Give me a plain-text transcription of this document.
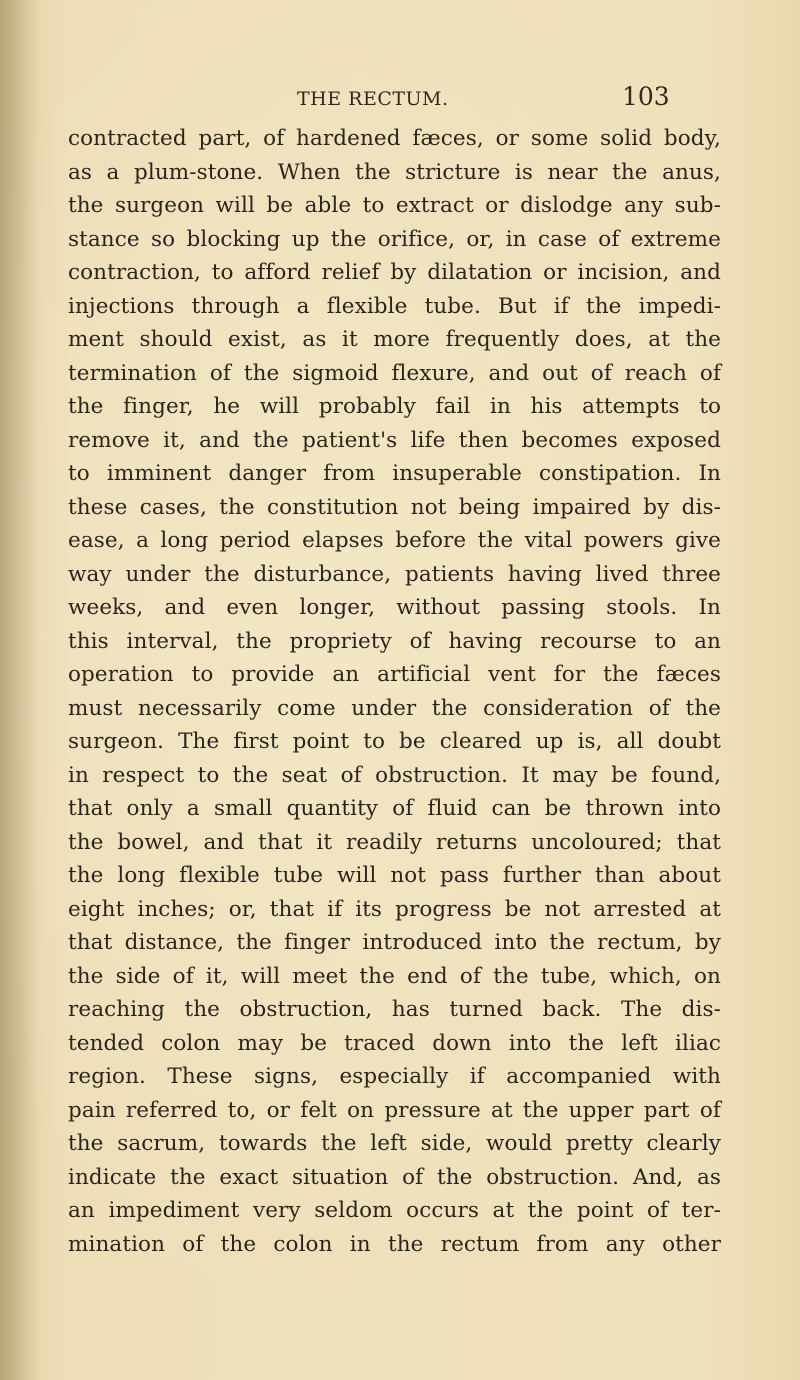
THE RECTUM.	103
contracted part, of hardened fæces, or some solid body,
as a plum-stone. When the stricture is near the anus,
the surgeon will be able to extract or dislodge any sub-
stance so blocking up the orifice, or, in case of extreme
contraction, to afford relief by dilatation or incision, and
injections through a flexible tube. But if the impedi-
ment should exist, as it more frequently does, at the
termination of the sigmoid flexure, and out of reach of
the finger, he will probably fail in his attempts to
remove it, and the patient's life then becomes exposed
to imminent danger from insuperable constipation. In
these cases, the constitution not being impaired by dis-
ease, a long period elapses before the vital powers give
way under the disturbance, patients having lived three
weeks, and even longer, without passing stools. In
this interval, the propriety of having recourse to an
operation to provide an artificial vent for the fæces
must necessarily come under the consideration of the
surgeon. The first point to be cleared up is, all doubt
in respect to the seat of obstruction. It may be found,
that only a small quantity of fluid can be thrown into
the bowel, and that it readily returns uncoloured; that
the long flexible tube will not pass further than about
eight inches; or, that if its progress be not arrested at
that distance, the finger introduced into the rectum, by
the side of it, will meet the end of the tube, which, on
reaching the obstruction, has turned back. The dis-
tended colon may be traced down into the left iliac
region. These signs, especially if accompanied with
pain referred to, or felt on pressure at the upper part of
the sacrum, towards the left side, would pretty clearly
indicate the exact situation of the obstruction. And, as
an impediment very seldom occurs at the point of ter-
mination of the colon in the rectum from any other
